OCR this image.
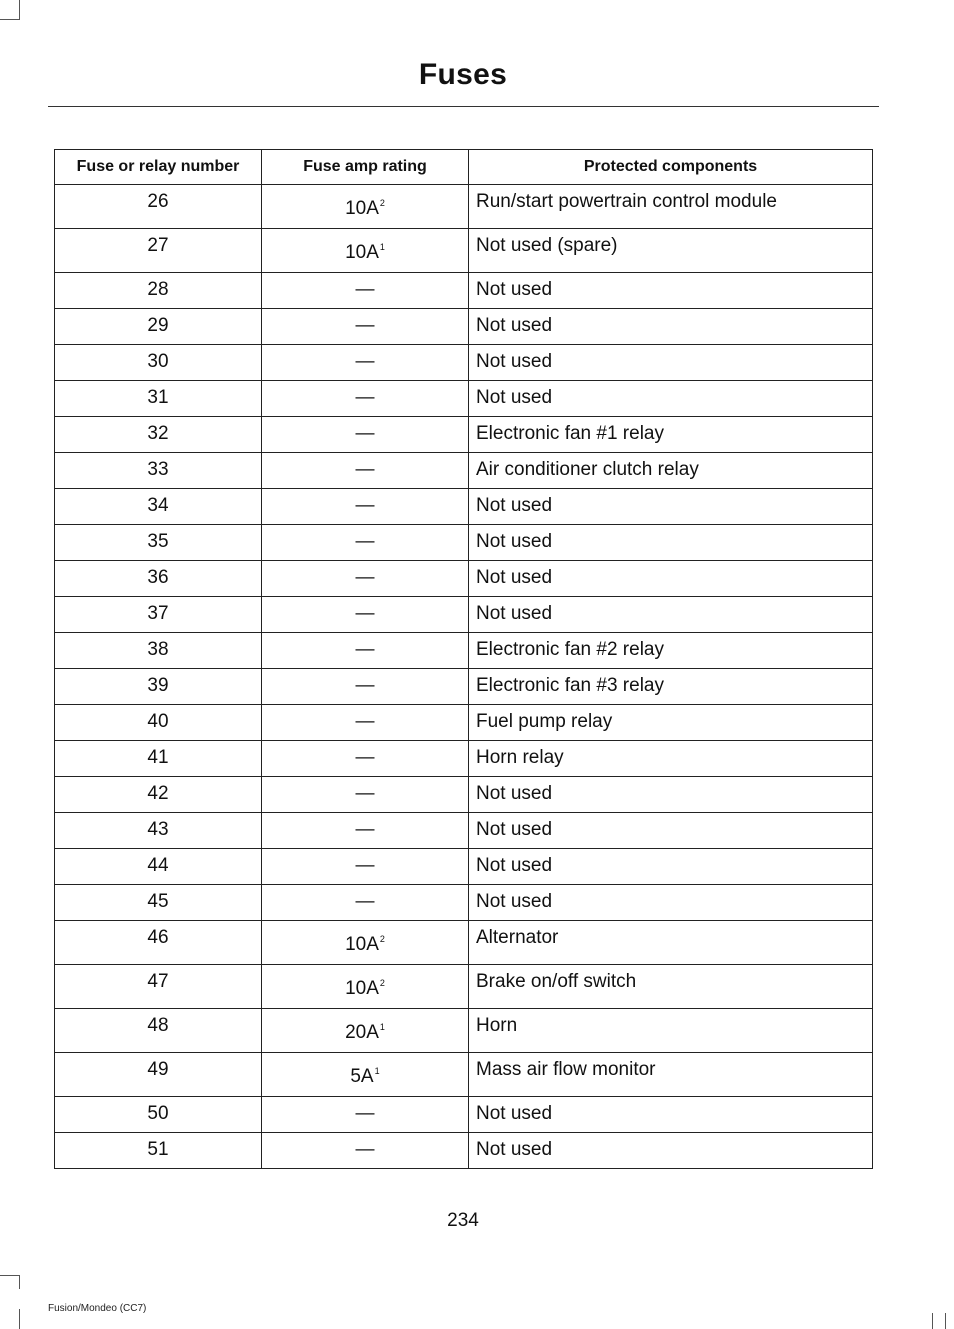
Fuses
Fuse or relay number	Fuse amp rating	Protected components
26	$10A^2$	Run/start powertrain control module
27	$10A^1$	Not used (spare)
28	—	Not used
29	—	Not used
30	—	Not used
31	—	Not used
32	—	Electronic fan #1 relay
33	—	Air conditioner clutch relay
34	—	Not used
35	—	Not used
36	—	Not used
37	—	Not used
38	—	Electronic fan #2 relay
39	—	Electronic fan #3 relay
40	—	Fuel pump relay
41	—	Horn relay
42	—	Not used
43	—	Not used
44	—	Not used
45	—	Not used
46	$10A^2$	Alternator
47	$10A^2$	Brake on/off switch
48	$20A^1$	Horn
49	$5A^1$	Mass air flow monitor
50	—	Not used
51	—	Not used
234
Fusion/Mondeo (CC7)
